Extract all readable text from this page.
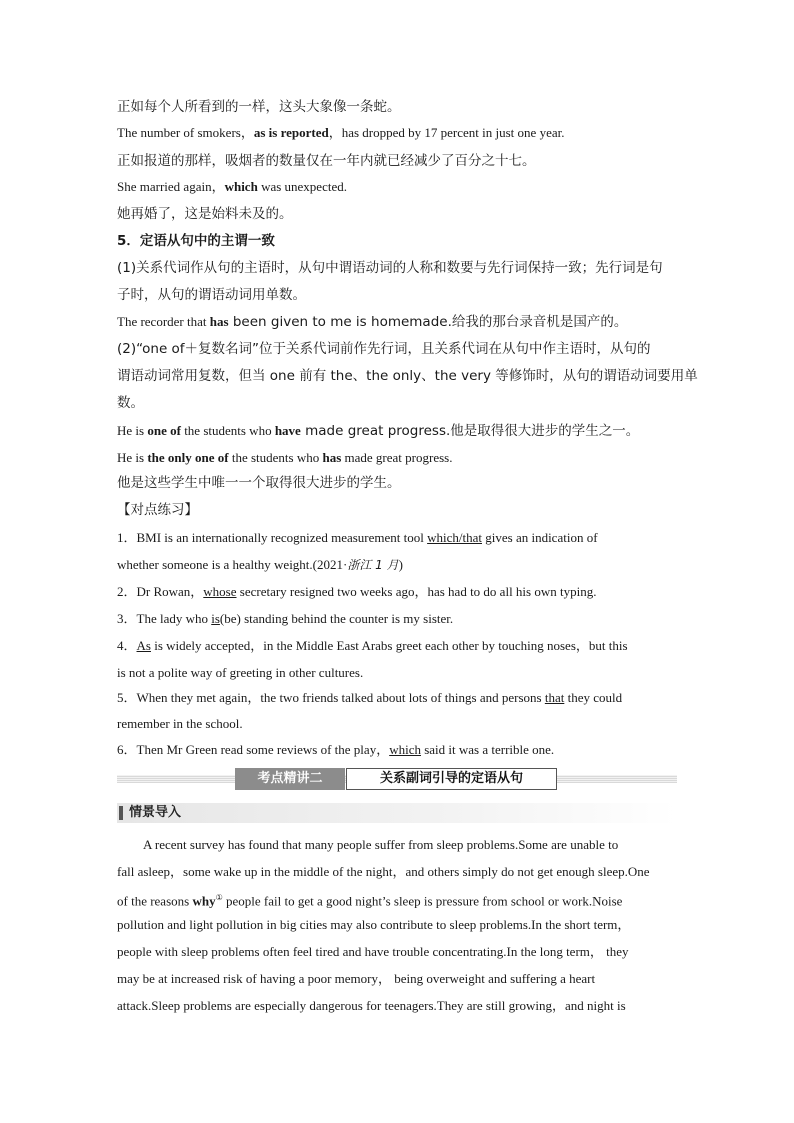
正如每个人所看到的一样，这头大象像一条蛇。
The number of smokers，as is reported，has dropped by 17 percent in just one year.
正如报道的那样，吸烟者的数量仅在一年内就已经减少了百分之十七。
She married again，which was unexpected.
她再婚了，这是始料未及的。
5．定语从句中的主谓一致
(1)关系代词作从句的主语时，从句中谓语动词的人称和数要与先行词保持一致；先行词是句
子时，从句的谓语动词用单数。
The recorder that has been given to me is homemade.给我的那台录音机是国产的。
(2)“one of＋复数名词”位于关系代词前作先行词，且关系代词在从句中作主语时，从句的
谓语动词常用复数，但当 one 前有 the、the only、the very 等修饰时，从句的谓语动词要用单
数。
He is one of the students who have made great progress.他是取得很大进步的学生之一。
He is the only one of the students who has made great progress.
他是这些学生中唯一一个取得很大进步的学生。
【对点练习】
1．BMI is an internationally recognized measurement tool which/that gives an indication of
whether someone is a healthy weight.(2021·浙江 1 月)
2．Dr Rowan，whose secretary resigned two weeks ago，has had to do all his own typing.
3．The lady who is(be) standing behind the counter is my sister.
4．As is widely accepted，in the Middle East Arabs greet each other by touching noses，but this
is not a polite way of greeting in other cultures.
5．When they met again，the two friends talked about lots of things and persons that they could
remember in the school.
6．Then Mr Green read some reviews of the play，which said it was a terrible one.
考点精讲二	关系副词引导的定语从句
情景导入
A recent survey has found that many people suffer from sleep problems.Some are unable to
fall asleep，some wake up in the middle of the night，and others simply do not get enough sleep.One
of the reasons why① people fail to get a good night’s sleep is pressure from school or work.Noise
pollution and light pollution in big cities may also contribute to sleep problems.In the short term，
people with sleep problems often feel tired and have trouble concentrating.In the long term， they
may be at increased risk of having a poor memory， being overweight and suffering a heart
attack.Sleep problems are especially dangerous for teenagers.They are still growing，and night is
